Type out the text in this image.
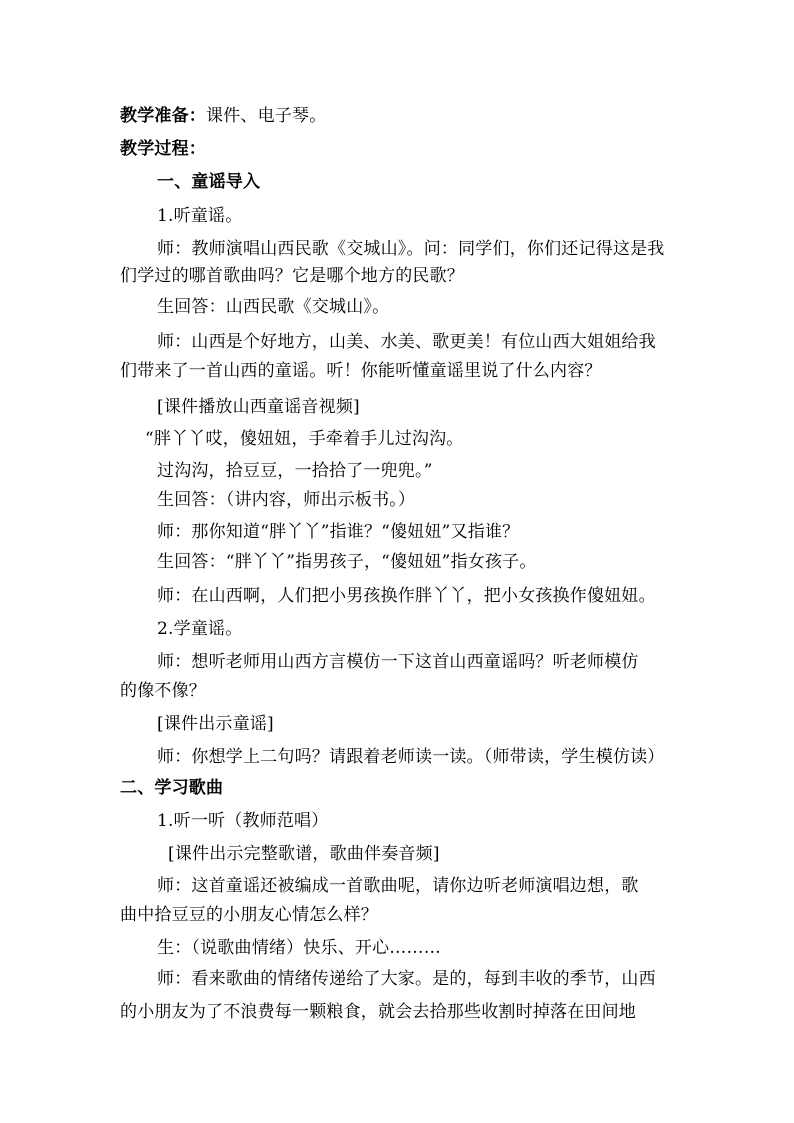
教学准备：课件、电子琴。
教学过程：
一、童谣导入
1.听童谣。
师：教师演唱山西民歌《交城山》。问：同学们，你们还记得这是我
们学过的哪首歌曲吗？它是哪个地方的民歌？
生回答：山西民歌《交城山》。
师：山西是个好地方，山美、水美、歌更美！有位山西大姐姐给我
们带来了一首山西的童谣。听！你能听懂童谣里说了什么内容？
[课件播放山西童谣音视频]
“胖丫丫哎，傻妞妞，手牵着手儿过沟沟。
过沟沟，拾豆豆，一拾拾了一兜兜。”
生回答：（讲内容，师出示板书。）
师：那你知道“胖丫丫”指谁？“傻妞妞”又指谁？
生回答：“胖丫丫”指男孩子，“傻妞妞”指女孩子。
师：在山西啊，人们把小男孩换作胖丫丫，把小女孩换作傻妞妞。
2.学童谣。
师：想听老师用山西方言模仿一下这首山西童谣吗？听老师模仿
的像不像？
[课件出示童谣]
师：你想学上二句吗？请跟着老师读一读。（师带读，学生模仿读）
二、学习歌曲
1.听一听（教师范唱）
[课件出示完整歌谱，歌曲伴奏音频]
师：这首童谣还被编成一首歌曲呢，请你边听老师演唱边想，歌
曲中拾豆豆的小朋友心情怎么样？
生：（说歌曲情绪）快乐、开心………
师：看来歌曲的情绪传递给了大家。是的，每到丰收的季节，山西
的小朋友为了不浪费每一颗粮食，就会去拾那些收割时掉落在田间地
